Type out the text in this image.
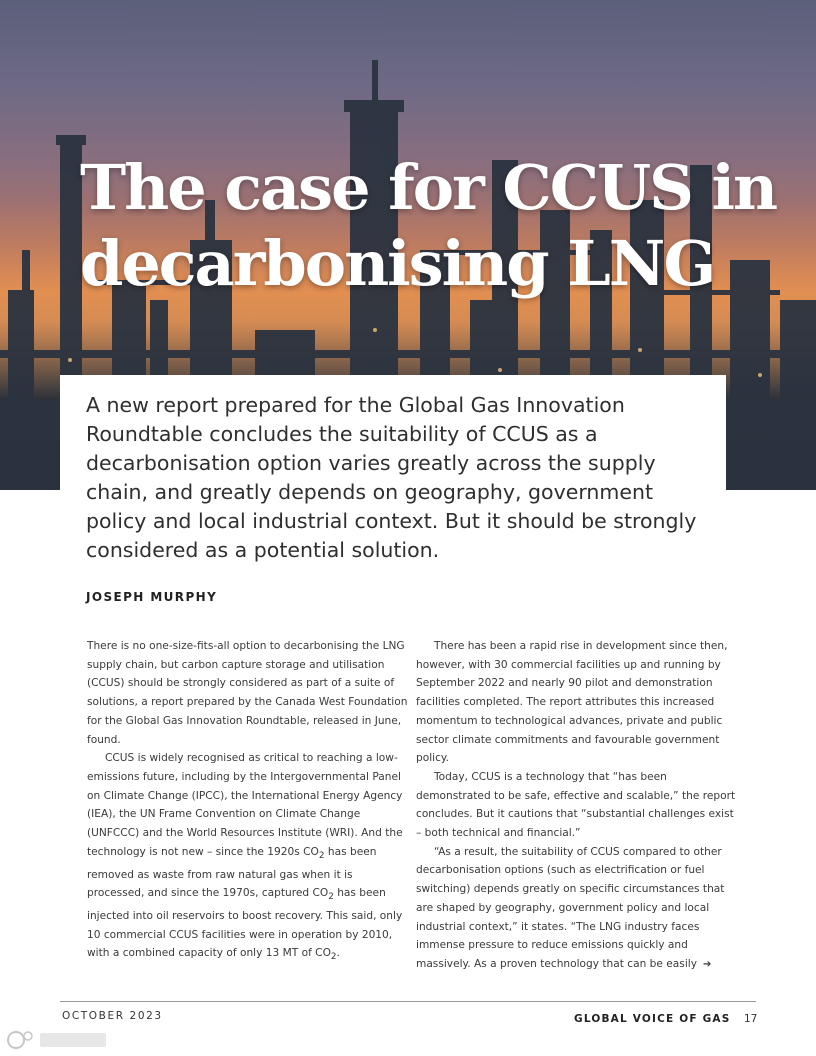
The case for CCUS in
decarbonising LNG

A new report prepared for the Global Gas Innovation Roundtable concludes the suitability of CCUS as a decarbonisation option varies greatly across the supply chain, and greatly depends on geography, government policy and local industrial context. But it should be strongly considered as a potential solution.

JOSEPH MURPHY

There is no one-size-fits-all option to decarbonising the LNG supply chain, but carbon capture storage and utilisation (CCUS) should be strongly considered as part of a suite of solutions, a report prepared by the Canada West Foundation for the Global Gas Innovation Roundtable, released in June, found.

CCUS is widely recognised as critical to reaching a low-emissions future, including by the Intergovernmental Panel on Climate Change (IPCC), the International Energy Agency (IEA), the UN Frame Convention on Climate Change (UNFCCC) and the World Resources Institute (WRI). And the technology is not new – since the 1920s $CO_2$ has been removed as waste from raw natural gas when it is processed, and since the 1970s, captured $CO_2$ has been injected into oil reservoirs to boost recovery. This said, only 10 commercial CCUS facilities were in operation by 2010, with a combined capacity of only 13 MT of $CO_2$.

There has been a rapid rise in development since then, however, with 30 commercial facilities up and running by September 2022 and nearly 90 pilot and demonstration facilities completed. The report attributes this increased momentum to technological advances, private and public sector climate commitments and favourable government policy.

Today, CCUS is a technology that “has been demonstrated to be safe, effective and scalable,” the report concludes. But it cautions that “substantial challenges exist – both technical and financial.”

“As a result, the suitability of CCUS compared to other decarbonisation options (such as electrification or fuel switching) depends greatly on specific circumstances that are shaped by geography, government policy and local industrial context,” it states. “The LNG industry faces immense pressure to reduce emissions quickly and massively. As a proven technology that can be easily ➔

OCTOBER 2023	GLOBAL VOICE OF GAS 17
